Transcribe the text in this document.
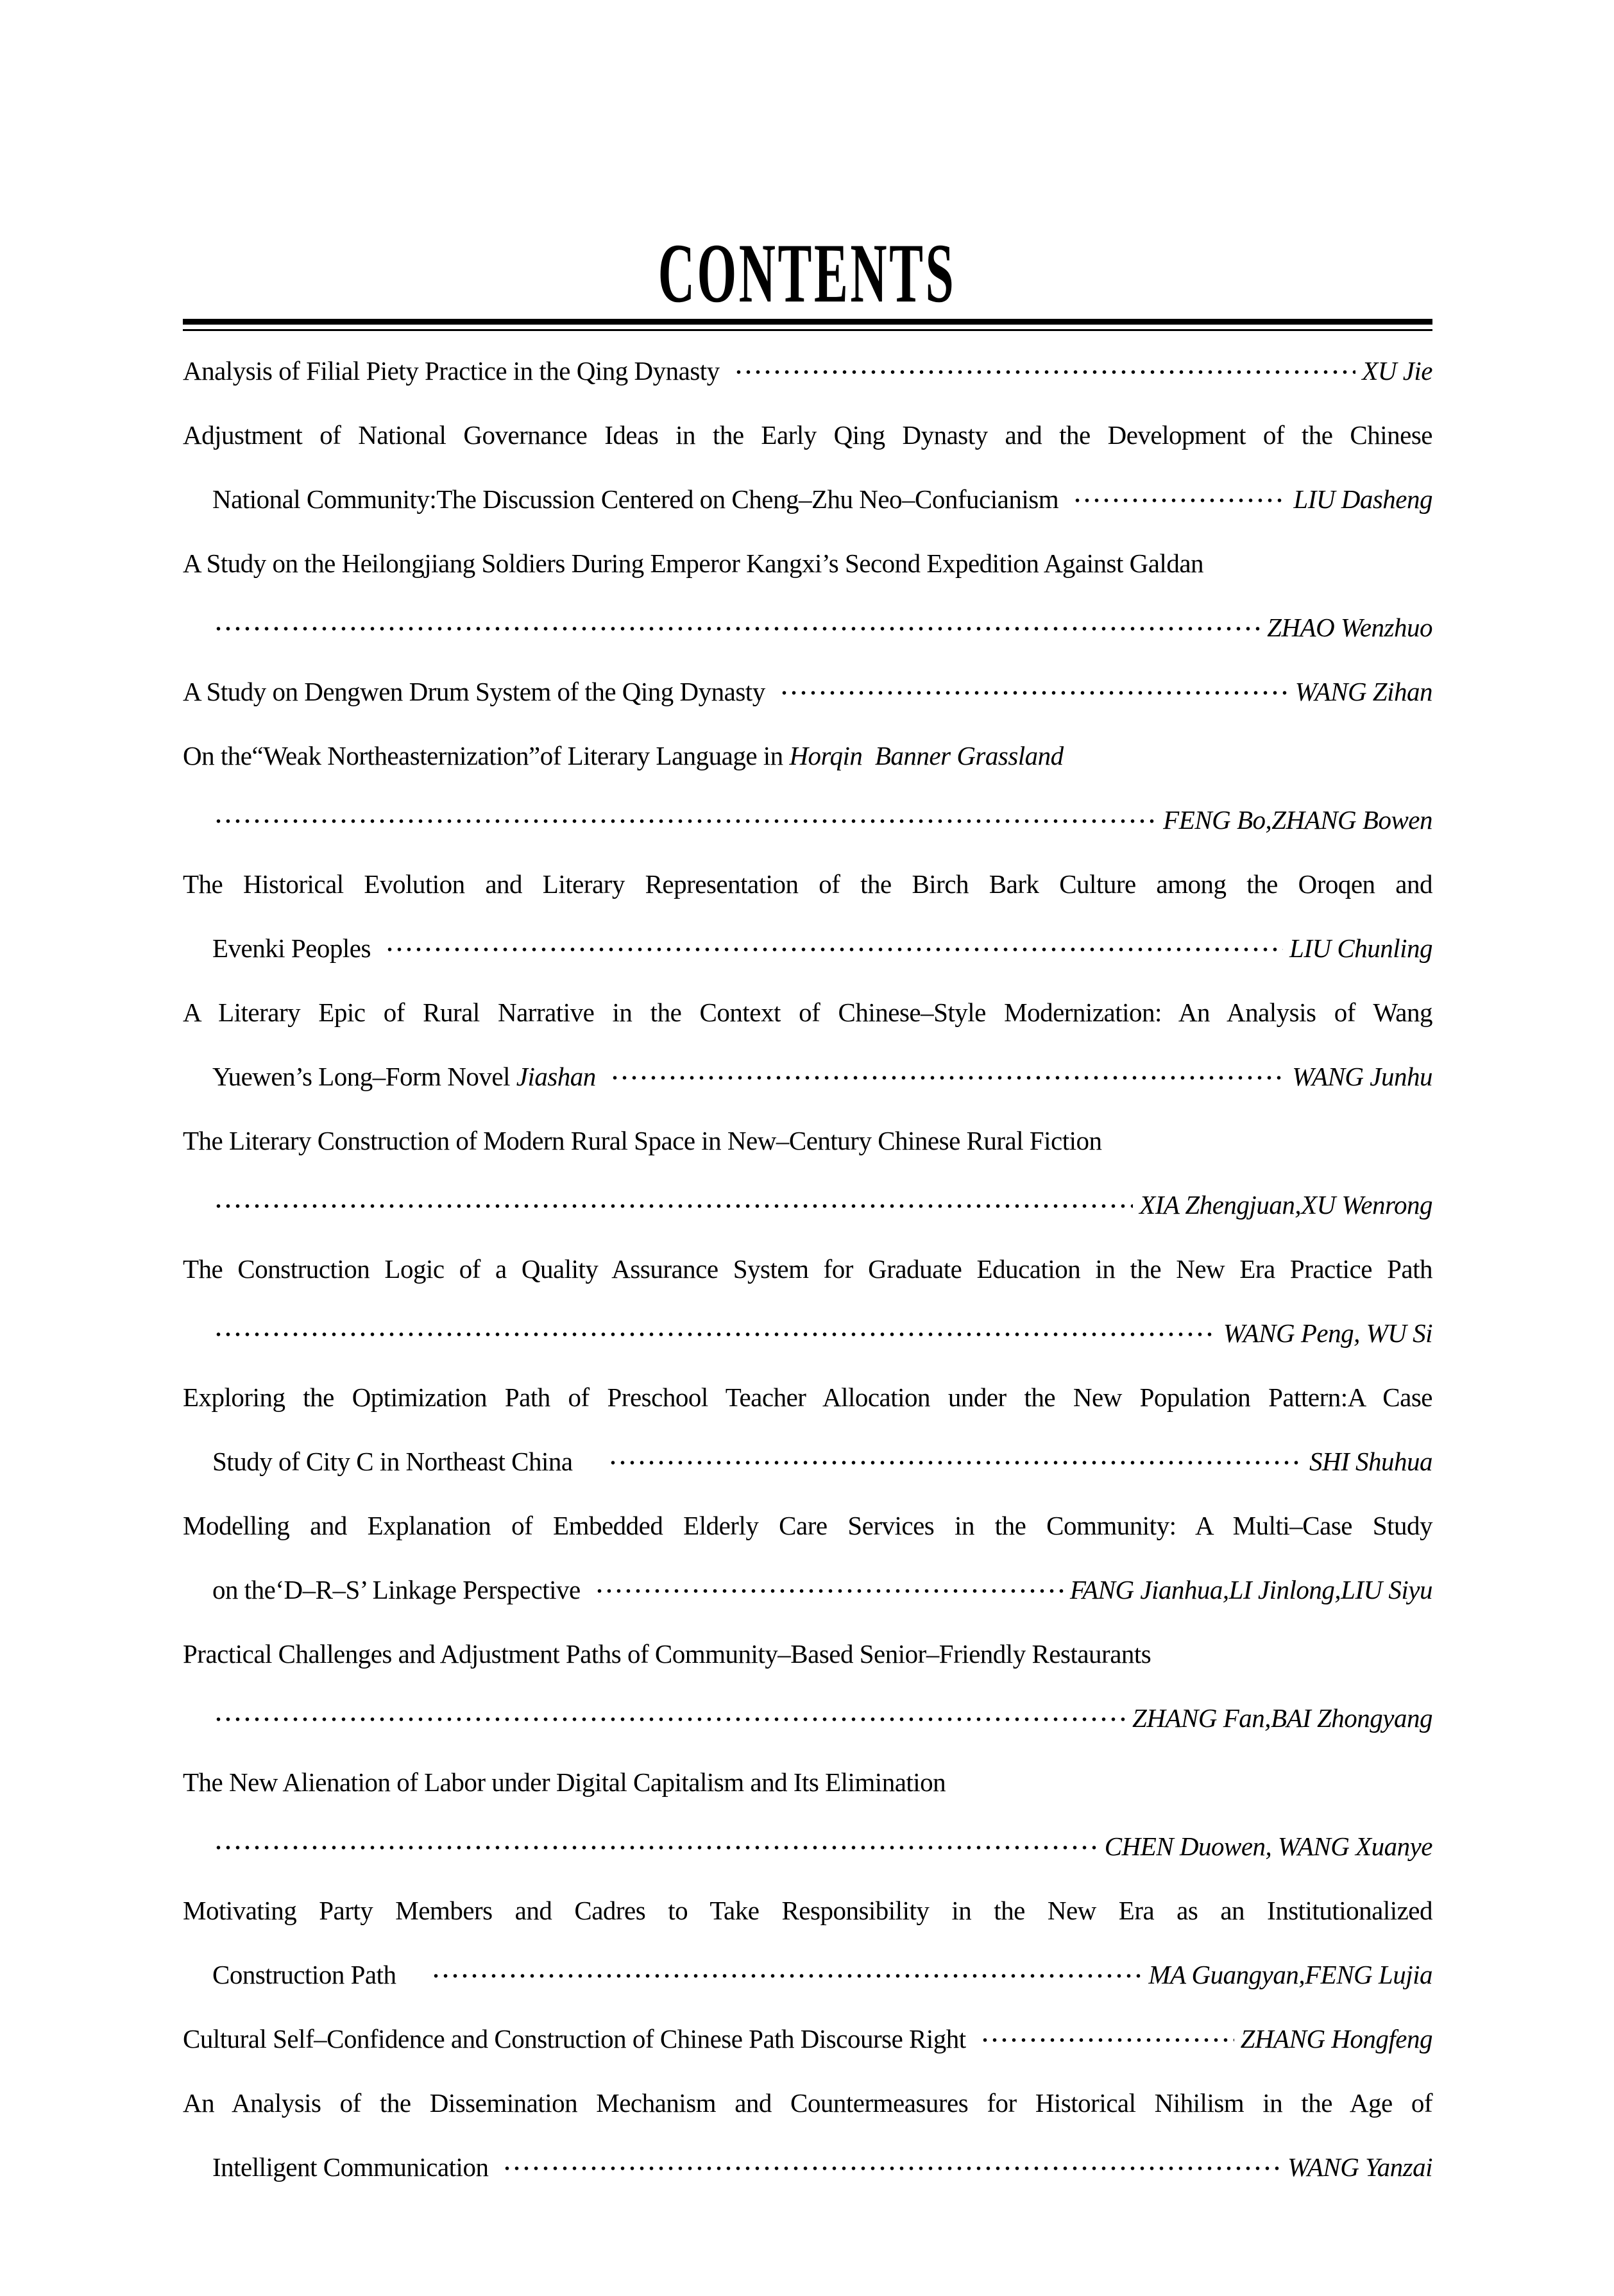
CONTENTS
Analysis of Filial Piety Practice in the Qing Dynasty	XU Jie
Adjustment of National Governance Ideas in the Early Qing Dynasty and the Development of the Chinese
National Community:The Discussion Centered on Cheng–Zhu Neo–Confucianism	LIU Dasheng
A Study on the Heilongjiang Soldiers During Emperor Kangxi’s Second Expedition Against Galdan
ZHAO Wenzhuo
A Study on Dengwen Drum System of the Qing Dynasty	WANG Zihan
On the“Weak Northeasternization”of Literary Language in Horqin  Banner Grassland
FENG Bo,ZHANG Bowen
The Historical Evolution and Literary Representation of the Birch Bark Culture among the Oroqen and
Evenki Peoples	LIU Chunling
A Literary Epic of Rural Narrative in the Context of Chinese–Style Modernization: An Analysis of Wang
Yuewen’s Long–Form Novel Jiashan	WANG Junhu
The Literary Construction of Modern Rural Space in New–Century Chinese Rural Fiction
XIA Zhengjuan,XU Wenrong
The Construction Logic of a Quality Assurance System for Graduate Education in the New Era Practice Path
WANG Peng, WU Si
Exploring the Optimization Path of Preschool Teacher Allocation under the New Population Pattern:A Case
Study of City C in Northeast China	SHI Shuhua
Modelling and Explanation of Embedded Elderly Care Services in the Community: A Multi–Case Study
on the‘D–R–S’ Linkage Perspective	FANG Jianhua,LI Jinlong,LIU Siyu
Practical Challenges and Adjustment Paths of Community–Based Senior–Friendly Restaurants
ZHANG Fan,BAI Zhongyang
The New Alienation of Labor under Digital Capitalism and Its Elimination
CHEN Duowen, WANG Xuanye
Motivating Party Members and Cadres to Take Responsibility in the New Era as an Institutionalized
Construction Path	MA Guangyan,FENG Lujia
Cultural Self–Confidence and Construction of Chinese Path Discourse Right	ZHANG Hongfeng
An Analysis of the Dissemination Mechanism and Countermeasures for Historical Nihilism in the Age of
Intelligent Communication	WANG Yanzai
